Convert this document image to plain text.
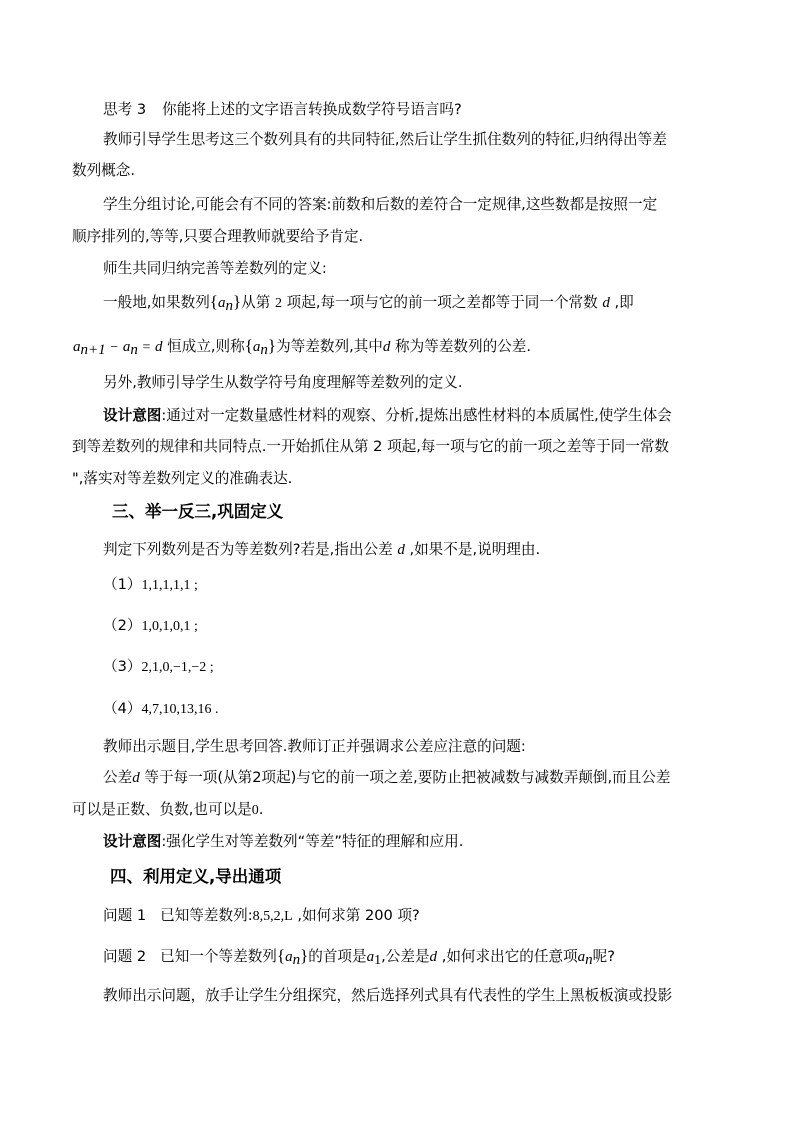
思考 3 你能将上述的文字语言转换成数学符号语言吗?
教师引导学生思考这三个数列具有的共同特征,然后让学生抓住数列的特征,归纳得出等差
数列概念.
学生分组讨论,可能会有不同的答案:前数和后数的差符合一定规律,这些数都是按照一定
顺序排列的,等等,只要合理教师就要给予肯定.
师生共同归纳完善等差数列的定义:
一般地,如果数列$\{a_n\}$从第 2 项起,每一项与它的前一项之差都等于同一个常数 d ,即
$a_{n+1} - a_n = d$ 恒成立,则称$\{a_n\}$为等差数列,其中d 称为等差数列的公差.
另外,教师引导学生从数学符号角度理解等差数列的定义.
设计意图:通过对一定数量感性材料的观察、分析,提炼出感性材料的本质属性,使学生体会
到等差数列的规律和共同特点.一开始抓住从第 2 项起,每一项与它的前一项之差等于同一常数
",落实对等差数列定义的准确表达.
三、举一反三,巩固定义
判定下列数列是否为等差数列?若是,指出公差 d ,如果不是,说明理由.
（1）1,1,1,1,1 ;
（2）1,0,1,0,1 ;
（3）2,1,0,−1,−2 ;
（4）4,7,10,13,16 .
教师出示题目,学生思考回答.教师订正并强调求公差应注意的问题:
公差d 等于每一项(从第2项起)与它的前一项之差,要防止把被减数与减数弄颠倒,而且公差
可以是正数、负数,也可以是0.
设计意图:强化学生对等差数列“等差”特征的理解和应用.
四、利用定义,导出通项
问题 1 已知等差数列:8,5,2,L ,如何求第 200 项?
问题 2 已知一个等差数列$\{a_n\}$的首项是$a_1$,公差是d ,如何求出它的任意项$a_n$呢?
教师出示问题，放手让学生分组探究，然后选择列式具有代表性的学生上黑板板演或投影
